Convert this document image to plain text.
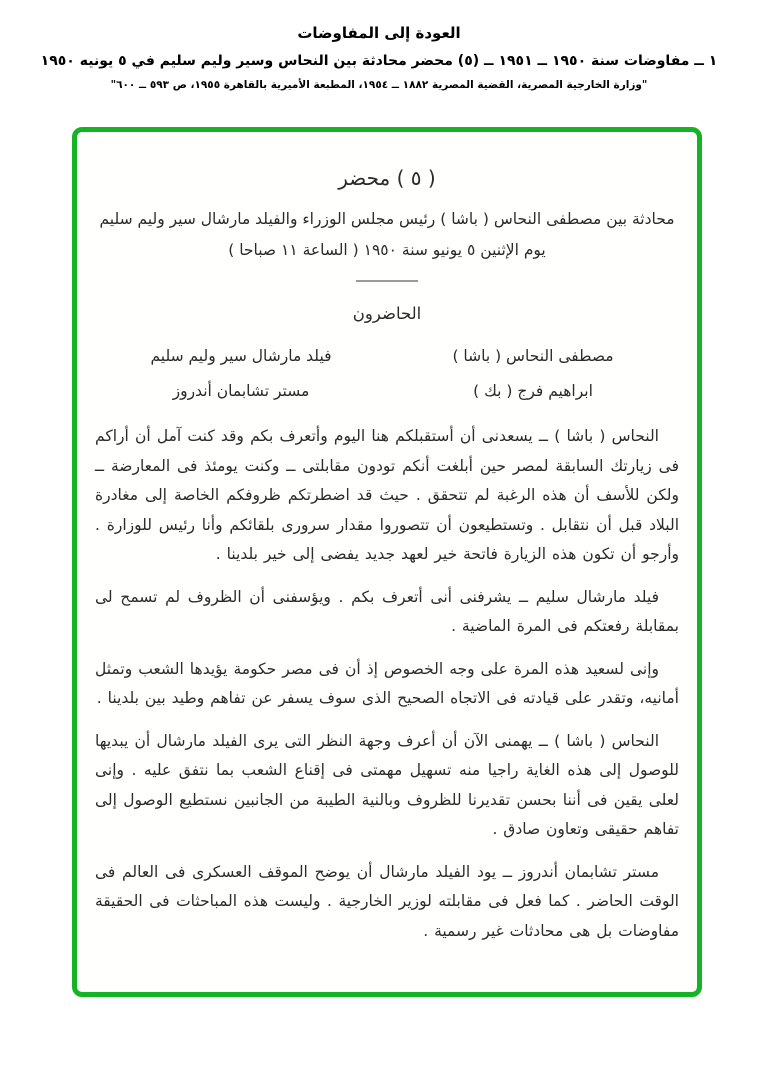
العودة إلى المفاوضات
١ ــ مفاوضات سنة ١٩٥٠ ــ ١٩٥١ ــ (٥) محضر محادثة بين النحاس وسير وليم سليم في ٥ يونيه ١٩٥٠
"وزارة الخارجية المصرية، القضية المصرية ١٨٨٢ ــ ١٩٥٤، المطبعة الأميرية بالقاهرة ١٩٥٥، ص ٥٩٣ ــ ٦٠٠"
( ٥ ) محضر
محادثة بين مصطفى النحاس ( باشا ) رئيس مجلس الوزراء والفيلد مارشال سير وليم سليم
يوم الإثنين ٥ يونيو سنة ١٩٥٠ ( الساعة ١١ صباحا )
الحاضرون
مصطفى النحاس ( باشا )
ابراهيم فرج ( بك )
فيلد مارشال سير وليم سليم
مستر تشابمان أندروز

النحاس ( باشا ) ــ يسعدنى أن أستقبلكم هنا اليوم وأتعرف بكم وقد كنت آمل أن أراكم فى زيارتك السابقة لمصر حين أبلغت أنكم تودون مقابلتى ــ وكنت يومئذ فى المعارضة ــ ولكن للأسف أن هذه الرغبة لم تتحقق . حيث قد اضطرتكم ظروفكم الخاصة إلى مغادرة البلاد قبل أن نتقابل . وتستطيعون أن تتصوروا مقدار سرورى بلقائكم وأنا رئيس للوزارة . وأرجو أن تكون هذه الزيارة فاتحة خير لعهد جديد يفضى إلى خير بلدينا .

فيلد مارشال سليم ــ يشرفنى أنى أتعرف بكم . ويؤسفنى أن الظروف لم تسمح لى بمقابلة رفعتكم فى المرة الماضية .

وإنى لسعيد هذه المرة على وجه الخصوص إذ أن فى مصر حكومة يؤيدها الشعب وتمثل أمانيه، وتقدر على قيادته فى الاتجاه الصحيح الذى سوف يسفر عن تفاهم وطيد بين بلدينا .

النحاس ( باشا ) ــ يهمنى الآن أن أعرف وجهة النظر التى يرى الفيلد مارشال أن يبديها للوصول إلى هذه الغاية راجيا منه تسهيل مهمتى فى إقناع الشعب بما نتفق عليه . وإنى لعلى يقين فى أننا بحسن تقديرنا للظروف وبالنية الطيبة من الجانبين نستطيع الوصول إلى تفاهم حقيقى وتعاون صادق .

مستر تشابمان أندروز ــ يود الفيلد مارشال أن يوضح الموقف العسكرى فى العالم فى الوقت الحاضر . كما فعل فى مقابلته لوزير الخارجية . وليست هذه المباحثات فى الحقيقة مفاوضات بل هى محادثات غير رسمية .
